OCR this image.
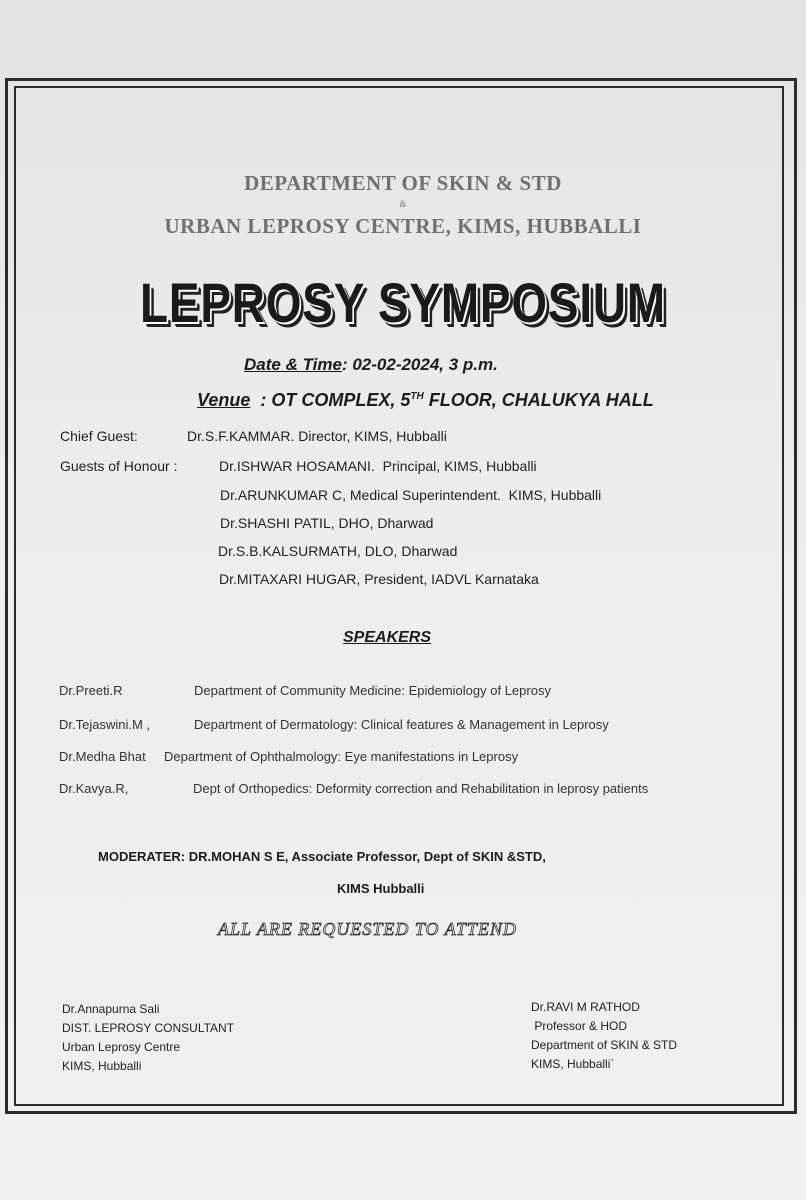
DEPARTMENT OF SKIN & STD
&
URBAN LEPROSY CENTRE, KIMS, HUBBALLI
LEPROSY SYMPOSIUM
Date & Time: 02-02-2024, 3 p.m.
Venue  : OT COMPLEX, 5TH FLOOR, CHALUKYA HALL
Chief Guest:	Dr.S.F.KAMMAR. Director, KIMS, Hubballi
Guests of Honour :	Dr.ISHWAR HOSAMANI.  Principal, KIMS, Hubballi
Dr.ARUNKUMAR C, Medical Superintendent.  KIMS, Hubballi
Dr.SHASHI PATIL, DHO, Dharwad
Dr.S.B.KALSURMATH, DLO, Dharwad
Dr.MITAXARI HUGAR, President, IADVL Karnataka
SPEAKERS
Dr.Preeti.R	Department of Community Medicine: Epidemiology of Leprosy
Dr.Tejaswini.M ,	Department of Dermatology: Clinical features & Management in Leprosy
Dr.Medha Bhat Department of Ophthalmology: Eye manifestations in Leprosy
Dr.Kavya.R,	Dept of Orthopedics: Deformity correction and Rehabilitation in leprosy patients
MODERATER: DR.MOHAN S E, Associate Professor, Dept of SKIN &STD,
KIMS Hubballi
ALL ARE REQUESTED TO ATTEND
Dr.Annapurna Sali
DIST. LEPROSY CONSULTANT
Urban Leprosy Centre
KIMS, Hubballi
Dr.RAVI M RATHOD
Professor & HOD
Department of SKIN & STD
KIMS, Hubballi`
